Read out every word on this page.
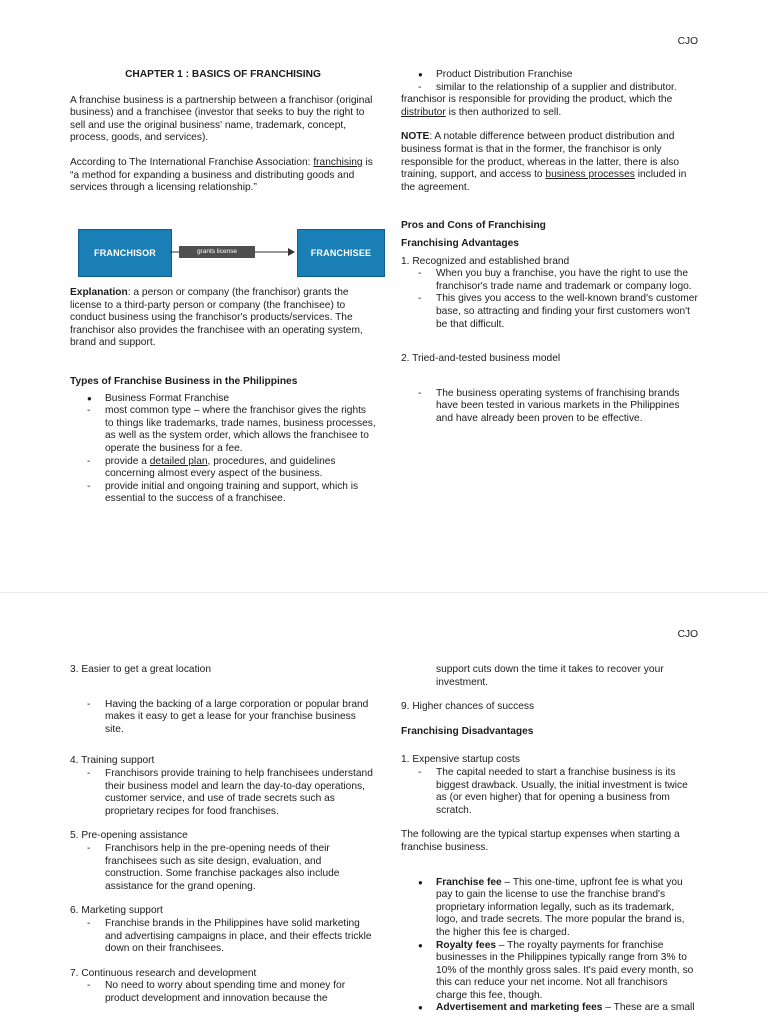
CJO

CHAPTER 1 : BASICS OF FRANCHISING

A franchise business is a partnership between a franchisor (original business) and a franchisee (investor that seeks to buy the right to sell and use the original business' name, trademark, concept, process, goods, and services).

According to The International Franchise Association: franchising is “a method for expanding a business and distributing goods and services through a licensing relationship.”

FRANCHISOR	grants license	FRANCHISEE

Explanation: a person or company (the franchisor) grants the license to a third-party person or company (the franchisee) to conduct business using the franchisor's products/services. The franchisor also provides the franchisee with an operating system, brand and support.

Types of Franchise Business in the Philippines

● Business Format Franchise
- most common type – where the franchisor gives the rights to things like trademarks, trade names, business processes, as well as the system order, which allows the franchisee to operate the business for a fee.
- provide a detailed plan, procedures, and guidelines concerning almost every aspect of the business.
- provide initial and ongoing training and support, which is essential to the success of a franchisee.
● Product Distribution Franchise
- similar to the relationship of a supplier and distributor.

franchisor is responsible for providing the product, which the

distributor is then authorized to sell.

NOTE: A notable difference between product distribution and business format is that in the former, the franchisor is only responsible for the product, whereas in the latter, there is also training, support, and access to business processes included in the agreement.

Pros and Cons of Franchising

Franchising Advantages

1. Recognized and established brand

- When you buy a franchise, you have the right to use the franchisor's trade name and trademark or company logo.
- This gives you access to the well-known brand's customer base, so attracting and finding your first customers won't be that difficult.

2. Tried-and-tested business model

- The business operating systems of franchising brands have been tested in various markets in the Philippines and have already been proven to be effective.
CJO

3. Easier to get a great location

- Having the backing of a large corporation or popular brand makes it easy to get a lease for your franchise business site.

4. Training support

- Franchisors provide training to help franchisees understand their business model and learn the day-to-day operations, customer service, and use of trade secrets such as proprietary recipes for food franchises.

5. Pre-opening assistance

- Franchisors help in the pre-opening needs of their franchisees such as site design, evaluation, and construction. Some franchise packages also include assistance for the grand opening.

6. Marketing support

- Franchise brands in the Philippines have solid marketing and advertising campaigns in place, and their effects trickle down on their franchisees.

7. Continuous research and development

- No need to worry about spending time and money for product development and innovation because the

support cuts down the time it takes to recover your investment.

9. Higher chances of success

Franchising Disadvantages

1. Expensive startup costs

- The capital needed to start a franchise business is its biggest drawback. Usually, the initial investment is twice as (or even higher) that for opening a business from scratch.

The following are the typical startup expenses when starting a franchise business.

● Franchise fee – This one-time, upfront fee is what you pay to gain the license to use the franchise brand's proprietary information legally, such as its trademark, logo, and trade secrets. The more popular the brand is, the higher this fee is charged.
● Royalty fees – The royalty payments for franchise businesses in the Philippines typically range from 3% to 10% of the monthly gross sales. It's paid every month, so this can reduce your net income. Not all franchisors charge this fee, though.
● Advertisement and marketing fees – These are a small
